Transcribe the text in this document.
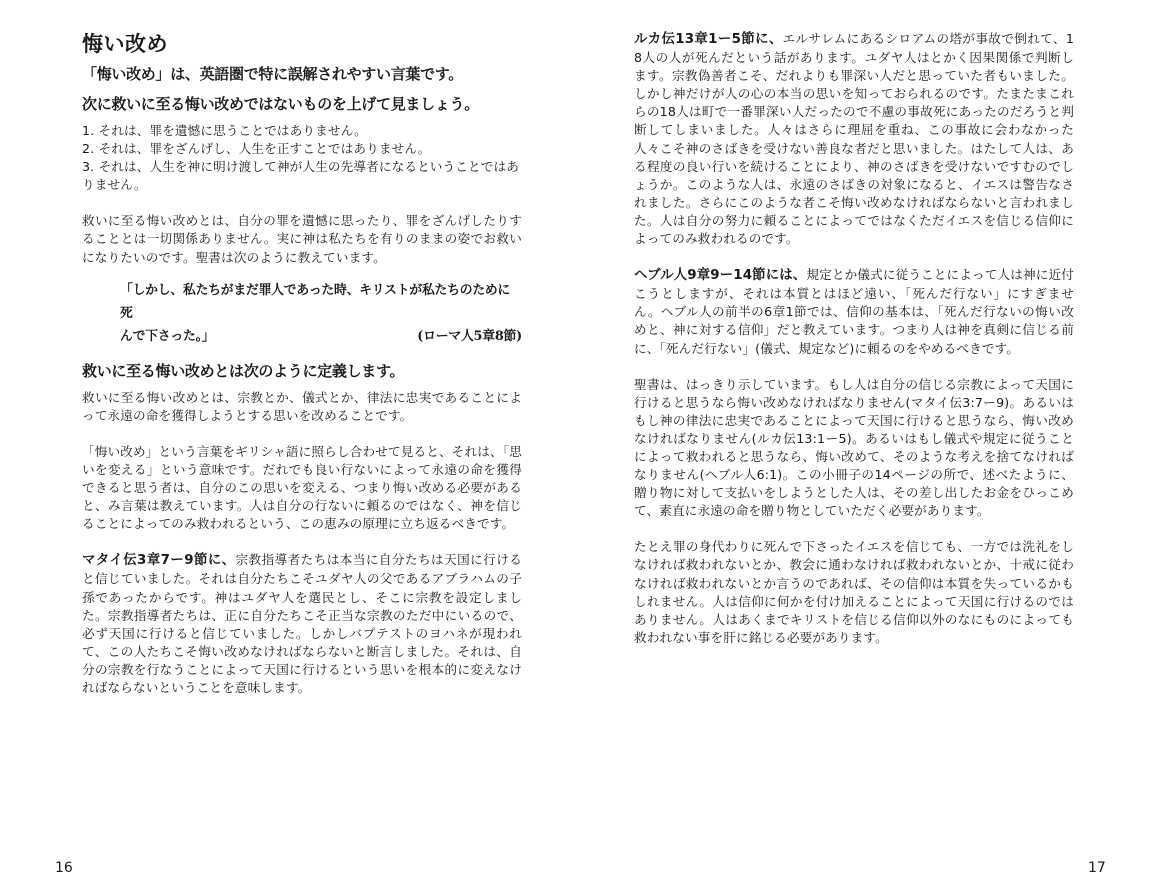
悔い改め
「悔い改め」は、英語圏で特に誤解されやすい言葉です。
次に救いに至る悔い改めではないものを上げて見ましょう。
1. それは、罪を遺憾に思うことではありません。
2. それは、罪をざんげし、人生を正すことではありません。
3. それは、人生を神に明け渡して神が人生の先導者になるということではありません。

救いに至る悔い改めとは、自分の罪を遺憾に思ったり、罪をざんげしたりすることとは一切関係ありません。実に神は私たちを有りのままの姿でお救いになりたいのです。聖書は次のように教えています。

「しかし、私たちがまだ罪人であった時、キリストが私たちのために死

んで下さった。」	(ローマ人5章8節)
救いに至る悔い改めとは次のように定義します。

救いに至る悔い改めとは、宗教とか、儀式とか、律法に忠実であることによって永遠の命を獲得しようとする思いを改めることです。

「悔い改め」という言葉をギリシャ語に照らし合わせて見ると、それは、「思いを変える」という意味です。だれでも良い行ないによって永遠の命を獲得できると思う者は、自分のこの思いを変える、つまり悔い改める必要があると、み言葉は教えています。人は自分の行ないに頼るのではなく、神を信じることによってのみ救われるという、この恵みの原理に立ち返るべきです。

マタイ伝3章7ー9節に、宗教指導者たちは本当に自分たちは天国に行けると信じていました。それは自分たちこそユダヤ人の父であるアブラハムの子孫であったからです。神はユダヤ人を選民とし、そこに宗教を設定しました。宗教指導者たちは、正に自分たちこそ正当な宗教のただ中にいるので、必ず天国に行けると信じていました。しかしバプテストのヨハネが現われて、この人たちこそ悔い改めなければならないと断言しました。それは、自分の宗教を行なうことによって天国に行けるという思いを根本的に変えなければならないということを意味します。

16

ルカ伝13章1ー5節に、エルサレムにあるシロアムの塔が事故で倒れて、18人の人が死んだという話があります。ユダヤ人はとかく因果関係で判断します。宗教偽善者こそ、だれよりも罪深い人だと思っていた者もいました。しかし神だけが人の心の本当の思いを知っておられるのです。たまたまこれらの18人は町で一番罪深い人だったので不慮の事故死にあったのだろうと判断してしまいました。人々はさらに理屈を重ね、この事故に会わなかった人々こそ神のさばきを受けない善良な者だと思いました。はたして人は、ある程度の良い行いを続けることにより、神のさばきを受けないですむのでしょうか。このような人は、永遠のさばきの対象になると、イエスは警告なされました。さらにこのような者こそ悔い改めなければならないと言われました。人は自分の努力に頼ることによってではなくただイエスを信じる信仰によってのみ救われるのです。

ヘブル人9章9ー14節には、規定とか儀式に従うことによって人は神に近付こうとしますが、それは本質とはほど遠い、「死んだ行ない」にすぎません。ヘブル人の前半の6章1節では、信仰の基本は、「死んだ行ないの悔い改めと、神に対する信仰」だと教えています。つまり人は神を真剣に信じる前に、「死んだ行ない」(儀式、規定など)に頼るのをやめるべきです。

聖書は、はっきり示しています。もし人は自分の信じる宗教によって天国に行けると思うなら悔い改めなければなりません(マタイ伝3:7ー9)。あるいはもし神の律法に忠実であることによって天国に行けると思うなら、悔い改めなければなりません(ルカ伝13:1ー5)。あるいはもし儀式や規定に従うことによって救われると思うなら、悔い改めて、そのような考えを捨てなければなりません(ヘブル人6:1)。この小冊子の14ページの所で、述べたように、贈り物に対して支払いをしようとした人は、その差し出したお金をひっこめて、素直に永遠の命を贈り物としていただく必要があります。

たとえ罪の身代わりに死んで下さったイエスを信じても、一方では洗礼をしなければ救われないとか、教会に通わなければ救われないとか、十戒に従わなければ救われないとか言うのであれば、その信仰は本質を失っているかもしれません。人は信仰に何かを付け加えることによって天国に行けるのではありません。人はあくまでキリストを信じる信仰以外のなにものによっても救われない事を肝に銘じる必要があります。

17
